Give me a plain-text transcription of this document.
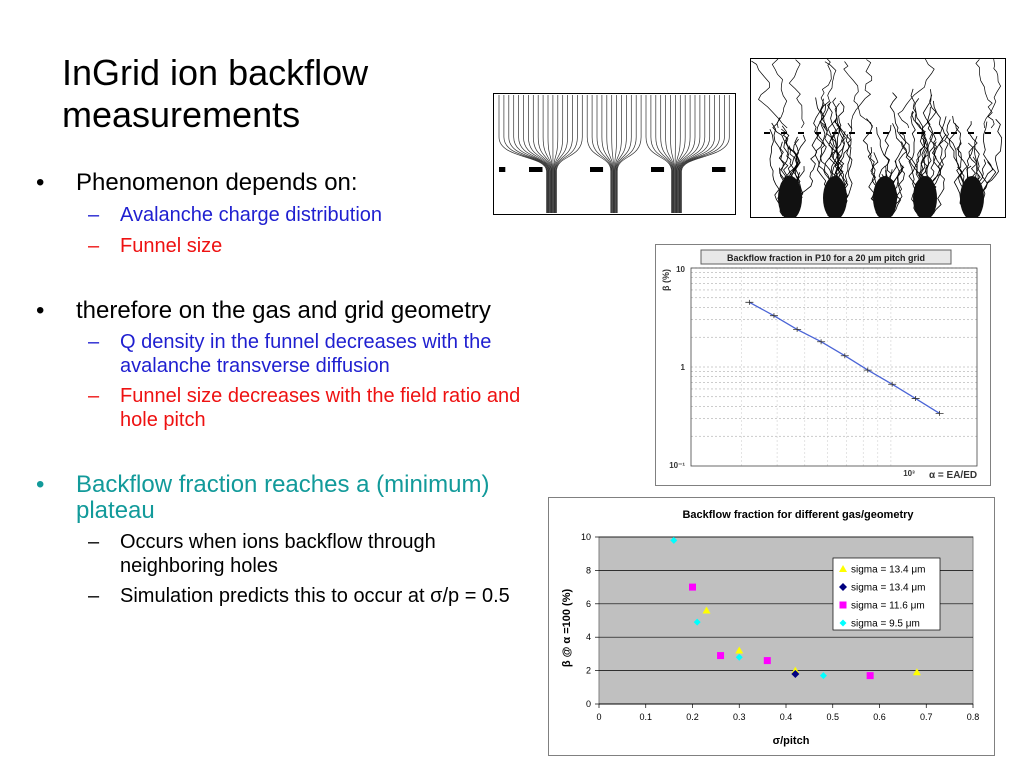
InGrid ion backflow measurements
• Phenomenon depends on:
– Avalanche charge distribution
– Funnel size
• therefore on the gas and grid geometry
– Q density in the funnel decreases with the avalanche transverse diffusion
– Funnel size decreases with the field ratio and hole pitch
• Backflow fraction reaches a (minimum) plateau
– Occurs when ions backflow through neighboring holes
– Simulation predicts this to occur at σ/p = 0.5
Backflow fraction in P10 for a 20 μm pitch grid
β (%) 10
1
10⁻¹
10³ α = EA/ED
Backflow fraction for different gas/geometry
σ/pitch
β @ α =100 (%)
0
2
4
6
8
10
0	0.1	0.2	0.3	0.4	0.5	0.6	0.7	0.8
sigma = 13.4 μm
sigma = 13.4 μm
sigma = 11.6 μm
sigma = 9.5 μm
